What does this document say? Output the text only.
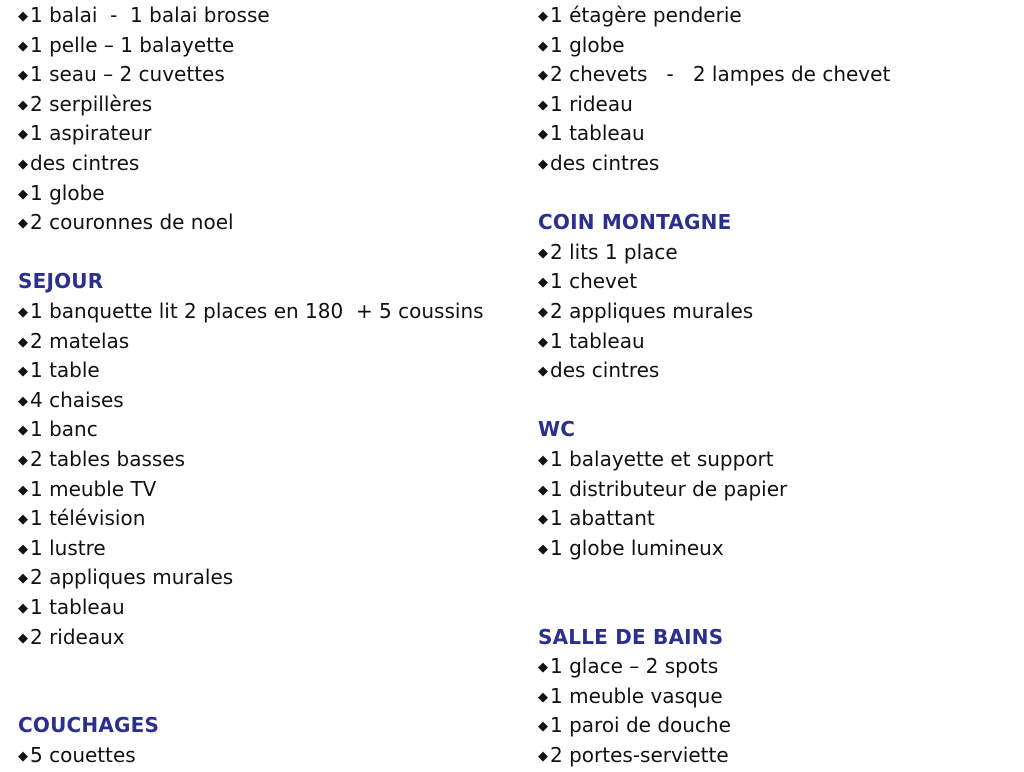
◆ 1 balai  -  1 balai brosse
◆ 1 pelle – 1 balayette
◆ 1 seau – 2 cuvettes
◆ 2 serpillères
◆ 1 aspirateur
◆ des cintres
◆ 1 globe
◆ 2 couronnes de noel
SEJOUR
◆ 1 banquette lit 2 places en 180  + 5 coussins
◆ 2 matelas
◆ 1 table
◆ 4 chaises
◆ 1 banc
◆ 2 tables basses
◆ 1 meuble TV
◆ 1 télévision
◆ 1 lustre
◆ 2 appliques murales
◆ 1 tableau
◆ 2 rideaux
COUCHAGES
◆ 5 couettes
◆ 1 étagère penderie
◆ 1 globe
◆ 2 chevets   -   2 lampes de chevet
◆ 1 rideau
◆ 1 tableau
◆ des cintres
COIN MONTAGNE
◆ 2 lits 1 place
◆ 1 chevet
◆ 2 appliques murales
◆ 1 tableau
◆ des cintres
WC
◆ 1 balayette et support
◆ 1 distributeur de papier
◆ 1 abattant
◆ 1 globe lumineux
SALLE DE BAINS
◆ 1 glace – 2 spots
◆ 1 meuble vasque
◆ 1 paroi de douche
◆ 2 portes-serviette
